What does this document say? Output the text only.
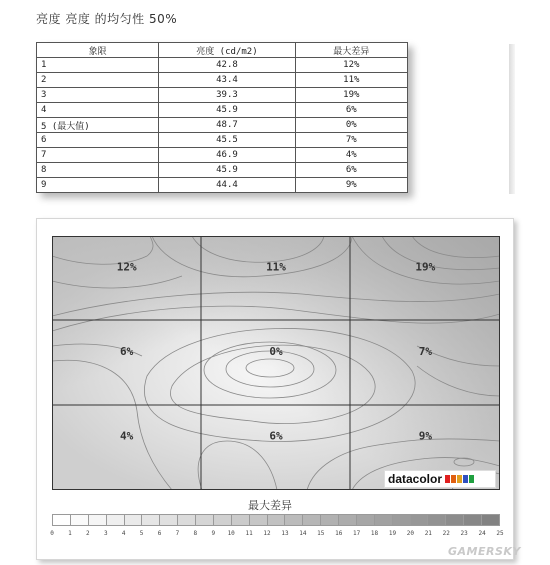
亮度 亮度 的均匀性 50%
象限	亮度 (cd/m2)	最大差异
1	42.8	12%
2	43.4	11%
3	39.3	19%
4	45.9	6%
5 (最大值)	48.7	0%
6	45.5	7%
7	46.9	4%
8	45.9	6%
9	44.4	9%
12%	11%	19%
6%	0%	7%
4%	6%	9%
datacolor
最大差异
0 1 2 3 4 5 6 7 8 9 10 11 12 13 14 15 16 17 18 19 20 21 22 23 24 25
GAMERSKY
